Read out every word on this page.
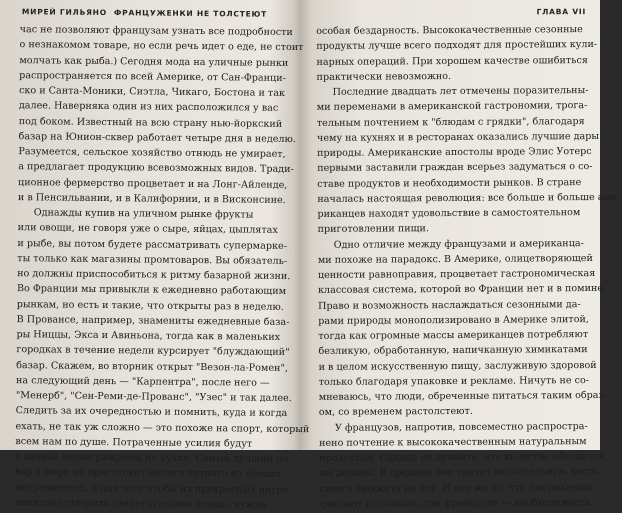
МИРЕЙ ГИЛЬЯНО ФРАНЦУЖЕНКИ НЕ ТОЛСТЕЮТ
час не позволяют французам узнать все подробности
о незнакомом товаре, но если речь идет о еде, не стоит
молчать как рыба.) Сегодня мода на уличные рынки
распространяется по всей Америке, от Сан-Франци-
ско и Санта-Моники, Сиэтла, Чикаго, Бостона и так
далее. Наверняка один из них расположился у вас
под боком. Известный на всю страну нью-йоркский
базар на Юнион-сквер работает четыре дня в неделю.
Разумеется, сельское хозяйство отнюдь не умирает,
а предлагает продукцию всевозможных видов. Тради-
ционное фермерство процветает и на Лонг-Айленде,
и в Пенсильвании, и в Калифорнии, и в Висконсине.
Однажды купив на уличном рынке фрукты
или овощи, не говоря уже о сыре, яйцах, цыплятах
и рыбе, вы потом будете рассматривать супермарке-
ты только как магазины промтоваров. Вы обязатель-
но должны приспособиться к ритму базарной жизни.
Во Франции мы привыкли к ежедневно работающим
рынкам, но есть и такие, что открыты раз в неделю.
В Провансе, например, знамениты ежедневные база-
ры Ниццы, Экса и Авиньона, тогда как в маленьких
городках в течение недели курсирует "блуждающий"
базар. Скажем, во вторник открыт "Везон-ла-Ромен",
на следующий день — "Карпентра", после него —
"Менерб", "Сен-Реми-де-Прованс", "Узес" и так далее.
Следить за их очередностью и помнить, куда и когда
ехать, не так уж сложно — это похоже на спорт, который
всем нам по душе. Потраченные усилия будут
с лихвой вознаграждены на кухне. Самый лучший по-
вар в мире не приготовит ничего путного из плохих
ингредиентов, а для того чтобы из прекрасных ингре-
диентов сотворить отвратительное блюдо, нужна
ГЛАВА VII
особая бездарность. Высококачественные сезонные
продукты лучше всего подходят для простейших кули-
нарных операций. При хорошем качестве ошибиться
практически невозможно.
Последние двадцать лет отмечены поразительны-
ми переменами в американской гастрономии, трога-
тельным почтением к "блюдам с грядки", благодаря
чему на кухнях и в ресторанах оказались лучшие дары
природы. Американские апостолы вроде Элис Уотерс
первыми заставили граждан всерьез задуматься о со-
ставе продуктов и необходимости рынков. В стране
началась настоящая революция: все больше и больше аме-
риканцев находят удовольствие в самостоятельном
приготовлении пищи.
Одно отличие между французами и американца-
ми похоже на парадокс. В Америке, олицетворяющей
ценности равноправия, процветает гастрономическая
классовая система, которой во Франции нет и в помине.
Право и возможность наслаждаться сезонными да-
рами природы монополизировано в Америке элитой,
тогда как огромные массы американцев потребляют
безликую, обработанную, напичканную химикатами
и в целом искусственную пищу, заслуживую здоровой
только благодаря упаковке и рекламе. Ничуть не со-
мневаюсь, что люди, обреченные питаться таким образ-
ом, со временем растолстеют.
У французов, напротив, повсеместно распростра-
нено почтение к высококачественным натуральным
продуктам. Однако не думайте, что качество обходится
им дешево. В среднем они тратят значительную часть
своего бюджета на еду. И все же то, что американцы
считают роскошью, для французов — необходимость.
